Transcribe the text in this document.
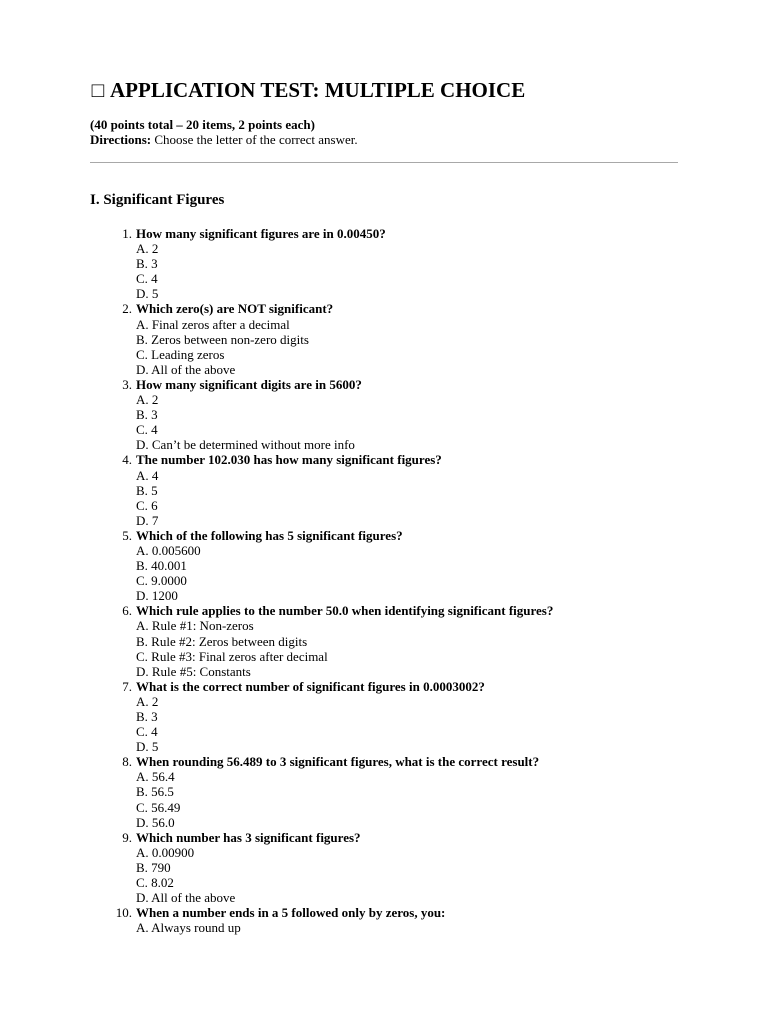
□ APPLICATION TEST: MULTIPLE CHOICE
(40 points total – 20 items, 2 points each)
Directions: Choose the letter of the correct answer.
I. Significant Figures
1. How many significant figures are in 0.00450?
A. 2
B. 3
C. 4
D. 5
2. Which zero(s) are NOT significant?
A. Final zeros after a decimal
B. Zeros between non-zero digits
C. Leading zeros
D. All of the above
3. How many significant digits are in 5600?
A. 2
B. 3
C. 4
D. Can’t be determined without more info
4. The number 102.030 has how many significant figures?
A. 4
B. 5
C. 6
D. 7
5. Which of the following has 5 significant figures?
A. 0.005600
B. 40.001
C. 9.0000
D. 1200
6. Which rule applies to the number 50.0 when identifying significant figures?
A. Rule #1: Non-zeros
B. Rule #2: Zeros between digits
C. Rule #3: Final zeros after decimal
D. Rule #5: Constants
7. What is the correct number of significant figures in 0.0003002?
A. 2
B. 3
C. 4
D. 5
8. When rounding 56.489 to 3 significant figures, what is the correct result?
A. 56.4
B. 56.5
C. 56.49
D. 56.0
9. Which number has 3 significant figures?
A. 0.00900
B. 790
C. 8.02
D. All of the above
10. When a number ends in a 5 followed only by zeros, you:
A. Always round up
